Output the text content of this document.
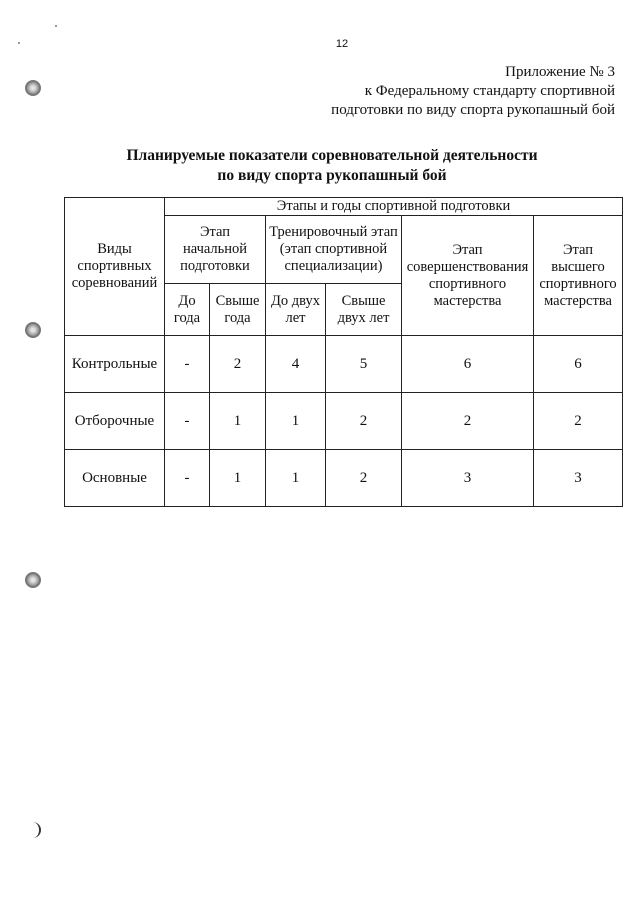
12
Приложение № 3
к Федеральному стандарту спортивной
подготовки по виду спорта рукопашный бой
Планируемые показатели соревновательной деятельности
по виду спорта рукопашный бой
Виды спортивных соревнований	Этапы и годы спортивной подготовки					
	Этап начальной подготовки		Тренировочный этап (этап спортивной специализации)		Этап совершенствования спортивного мастерства	Этап высшего спортивного мастерства
	До года	Свыше года	До двух лет	Свыше двух лет		
Контрольные	-	2	4	5	6	6
Отборочные	-	1	1	2	2	2
Основные	-	1	1	2	3	3
